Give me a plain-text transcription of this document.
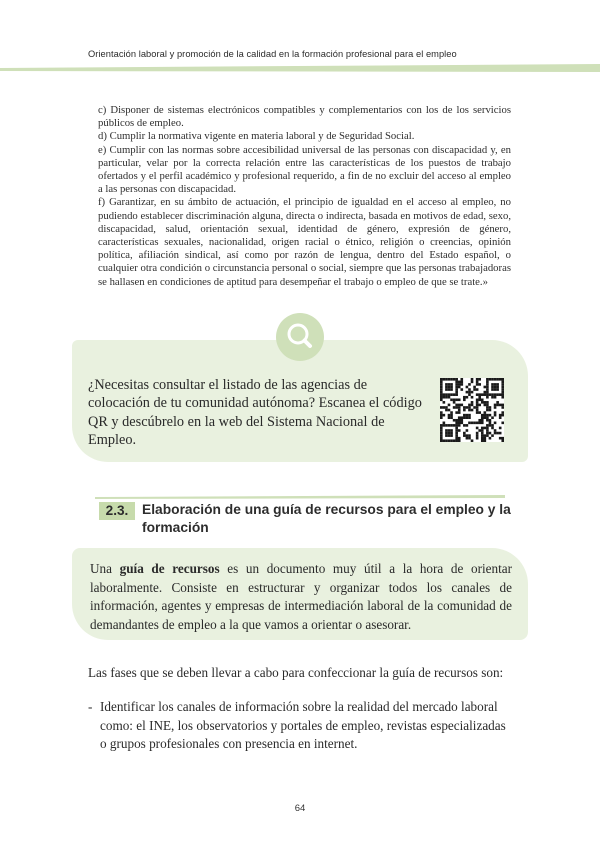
Orientación laboral y promoción de la calidad en la formación profesional para el empleo

c) Disponer de sistemas electrónicos compatibles y complementarios con los de los servicios públicos de empleo.

d) Cumplir la normativa vigente en materia laboral y de Seguridad Social.

e) Cumplir con las normas sobre accesibilidad universal de las personas con discapacidad y, en particular, velar por la correcta relación entre las características de los puestos de trabajo ofertados y el perfil académico y profesional requerido, a fin de no excluir del acceso al empleo a las personas con discapacidad.

f) Garantizar, en su ámbito de actuación, el principio de igualdad en el acceso al empleo, no pudiendo establecer discriminación alguna, directa o indirecta, basada en motivos de edad, sexo, discapacidad, salud, orientación sexual, identidad de género, expresión de género, características sexuales, nacionalidad, origen racial o étnico, religión o creencias, opinión política, afiliación sindical, así como por razón de lengua, dentro del Estado español, o cualquier otra condición o circunstancia personal o social, siempre que las personas trabajadoras se hallasen en condiciones de aptitud para desempeñar el trabajo o empleo de que se trate.»

¿Necesitas consultar el listado de las agencias de colocación de tu comunidad autónoma? Escanea el código QR y descúbrelo en la web del Sistema Nacional de Empleo.
2.3. Elaboración de una guía de recursos para el empleo y la formación
Una guía de recursos es un documento muy útil a la hora de orientar laboralmente. Consiste en estructurar y organizar todos los canales de información, agentes y empresas de intermediación laboral de la comunidad de demandantes de empleo a la que vamos a orientar o asesorar.
Las fases que se deben llevar a cabo para confeccionar la guía de recursos son:
- Identificar los canales de información sobre la realidad del mercado laboral como: el INE, los observatorios y portales de empleo, revistas especializadas o grupos profesionales con presencia en internet.
64
